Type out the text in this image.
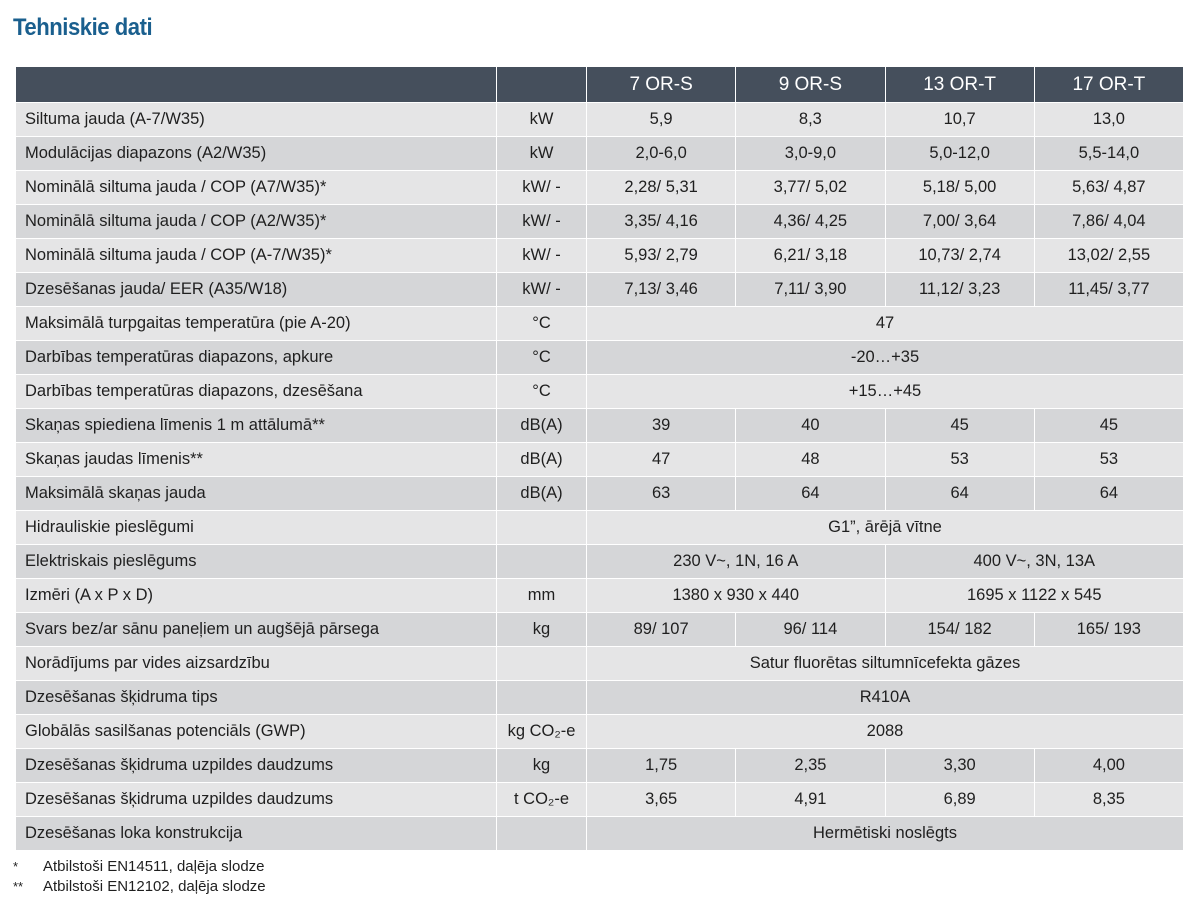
Tehniskie dati
		7 OR-S	9 OR-S	13 OR-T	17 OR-T
Siltuma jauda (A-7/W35)	kW	5,9	8,3	10,7	13,0
Modulācijas diapazons (A2/W35)	kW	2,0-6,0	3,0-9,0	5,0-12,0	5,5-14,0
Nominālā siltuma jauda / COP (A7/W35)*	kW/ -	2,28/ 5,31	3,77/ 5,02	5,18/ 5,00	5,63/ 4,87
Nominālā siltuma jauda / COP (A2/W35)*	kW/ -	3,35/ 4,16	4,36/ 4,25	7,00/ 3,64	7,86/ 4,04
Nominālā siltuma jauda / COP (A-7/W35)*	kW/ -	5,93/ 2,79	6,21/ 3,18	10,73/ 2,74	13,02/ 2,55
Dzesēšanas jauda/ EER (A35/W18)	kW/ -	7,13/ 3,46	7,11/ 3,90	11,12/ 3,23	11,45/ 3,77
Maksimālā turpgaitas temperatūra (pie A-20)	°C	47			
Darbības temperatūras diapazons, apkure	°C	-20…+35			
Darbības temperatūras diapazons, dzesēšana	°C	+15…+45			
Skaņas spiediena līmenis 1 m attālumā**	dB(A)	39	40	45	45
Skaņas jaudas līmenis**	dB(A)	47	48	53	53
Maksimālā skaņas jauda	dB(A)	63	64	64	64
Hidrauliskie pieslēgumi		G1”, ārējā vītne			
Elektriskais pieslēgums		230 V~, 1N, 16 A		400 V~, 3N, 13A	
Izmēri (A x P x D)	mm	1380 x 930 x 440		1695 x 1122 x 545	
Svars bez/ar sānu paneļiem un augšējā pārsega	kg	89/ 107	96/ 114	154/ 182	165/ 193
Norādījums par vides aizsardzību		Satur fluorētas siltumnīcefekta gāzes			
Dzesēšanas šķidruma tips		R410A			
Globālās sasilšanas potenciāls (GWP)	kg CO₂-e	2088			
Dzesēšanas šķidruma uzpildes daudzums	kg	1,75	2,35	3,30	4,00
Dzesēšanas šķidruma uzpildes daudzums	t CO₂-e	3,65	4,91	6,89	8,35
Dzesēšanas loka konstrukcija		Hermētiski noslēgts			
*	Atbilstoši EN14511, daļēja slodze
**	Atbilstoši EN12102, daļēja slodze
